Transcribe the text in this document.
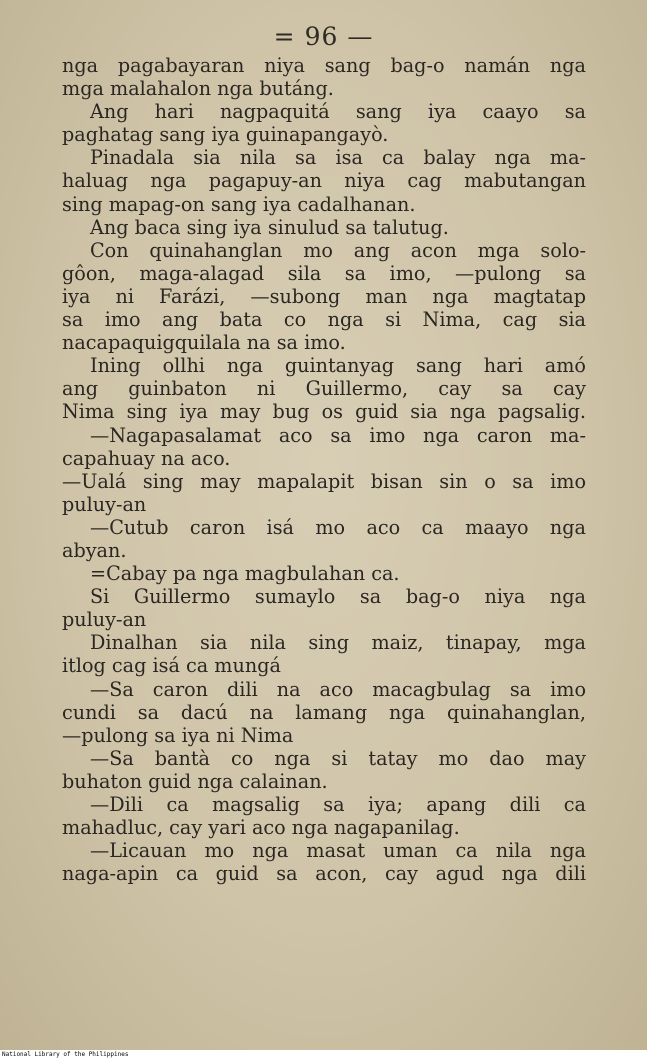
= 96 —
nga pagabayaran niya sang bag-o namán nga
mga malahalon nga butáng.
Ang hari nagpaquitá sang iya caayo sa
paghatag sang iya guinapangayò.
Pinadala sia nila sa isa ca balay nga ma-
haluag nga pagapuy-an niya cag mabutangan
sing mapag-on sang iya cadalhanan.
Ang baca sing iya sinulud sa talutug.
Con quinahanglan mo ang acon mga solo-
gôon, maga-alagad sila sa imo, —pulong sa
iya ni Farázi, —subong man nga magtatap
sa imo ang bata co nga si Nima, cag sia
nacapaquigquilala na sa imo.
Ining ollhi nga guintanyag sang hari amó
ang guinbaton ni Guillermo, cay sa cay
Nima sing iya may bug os guid sia nga pagsalig.
—Nagapasalamat aco sa imo nga caron ma-
capahuay na aco.
—Ualá sing may mapalapit bisan sin o sa imo
puluy-an
—Cutub caron isá mo aco ca maayo nga
abyan.
=Cabay pa nga magbulahan ca.
Si Guillermo sumaylo sa bag-o niya nga
puluy-an
Dinalhan sia nila sing maiz, tinapay, mga
itlog cag isá ca mungá
—Sa caron dili na aco macagbulag sa imo
cundi sa dacú na lamang nga quinahanglan,
—pulong sa iya ni Nima
—Sa bantà co nga si tatay mo dao may
buhaton guid nga calainan.
—Dili ca magsalig sa iya; apang dili ca
mahadluc, cay yari aco nga nagapanilag.
—Licauan mo nga masat uman ca nila nga
naga-apin ca guid sa acon, cay agud nga dili
National Library of the Philippines
